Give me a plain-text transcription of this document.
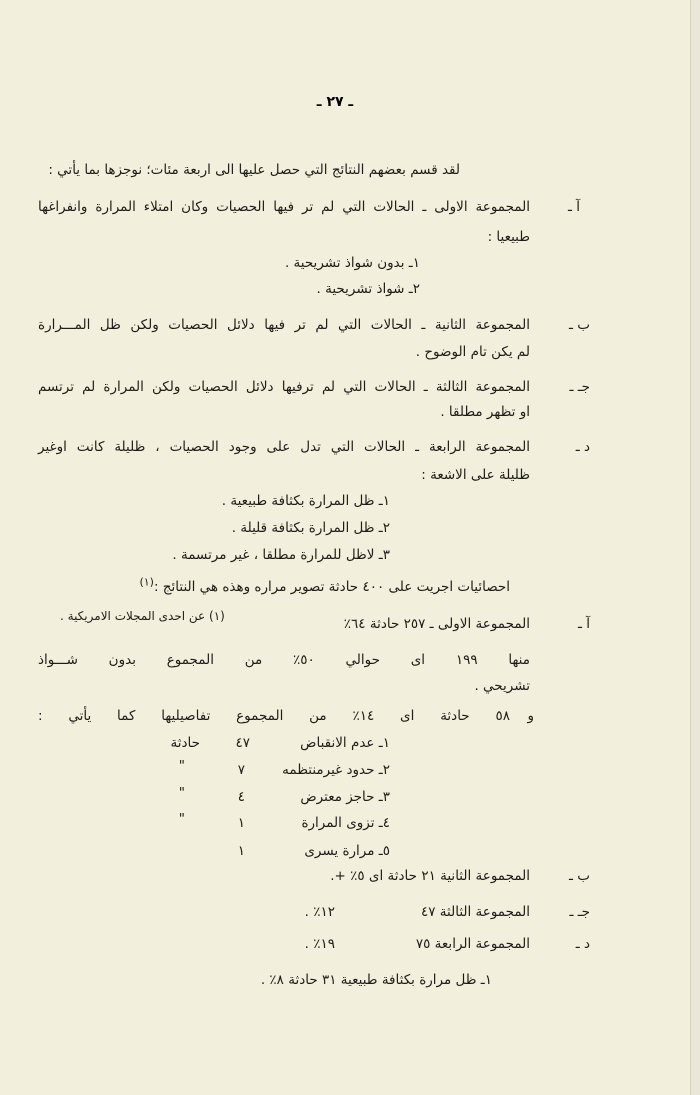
ـ ٢٧ ـ
لقد قسم بعضهم النتائج التي حصل عليها الى اربعة مئات؛ نوجزها بما يأتي :
آ ـ
المجموعة الاولى ـ الحالات التي لم تر فيها الحصيات وكان امتلاء المرارة وانفراغها
طبيعيا :
١ـ بدون شواذ تشريحية .
٢ـ شواذ تشريحية .
ب ـ
المجموعة الثانية ـ الحالات التي لم تر فيها دلائل الحصيات ولكن ظل المـــرارة
لم يكن تام الوضوح .
جـ ـ
المجموعة الثالثة ـ الحالات التي لم ترفيها دلائل الحصيات ولكن المرارة لم ترتسم
او تظهر مطلقا .
د ـ
المجموعة الرابعة ـ الحالات التي تدل على وجود الحصيات ، ظليلة كانت اوغير
ظليلة على الاشعة :
١ـ ظل المرارة بكثافة طبيعية .
٢ـ ظل المرارة بكثافة قليلة .
٣ـ لاظل للمرارة مطلقا ، غير مرتسمة .
احصائيات اجريت على ٤٠٠ حادثة تصوير مراره وهذه هي النتائج :$^{(١)}$
(١) عن احدى المجلات الامريكية .	آ ـ
المجموعة الاولى ـ ٢٥٧ حادثة ٦٤٪
منها ١٩٩ اى حوالي ٥٠٪ من المجموع بدون شـــواذ
تشريحي .
و
٥٨ حادثة اى ١٤٪ من المجموع تفاصيليها كما يأتي :
١ـ عدم الانقباض
٤٧
حادثة
٢ـ حدود غيرمنتظمه
٧
"
٣ـ حاجز معترض
٤
"
٤ـ تزوى المرارة
١
"
٥ـ مرارة يسرى
١
ب ـ
المجموعة الثانية ٢١ حادثة اى ٥٪ +.
جـ ـ
المجموعة الثالثة ٤٧
١٢٪ .
د ـ
المجموعة الرابعة ٧٥
١٩٪ .
١ـ ظل مرارة بكثافة طبيعية ٣١ حادثة ٨٪ .
